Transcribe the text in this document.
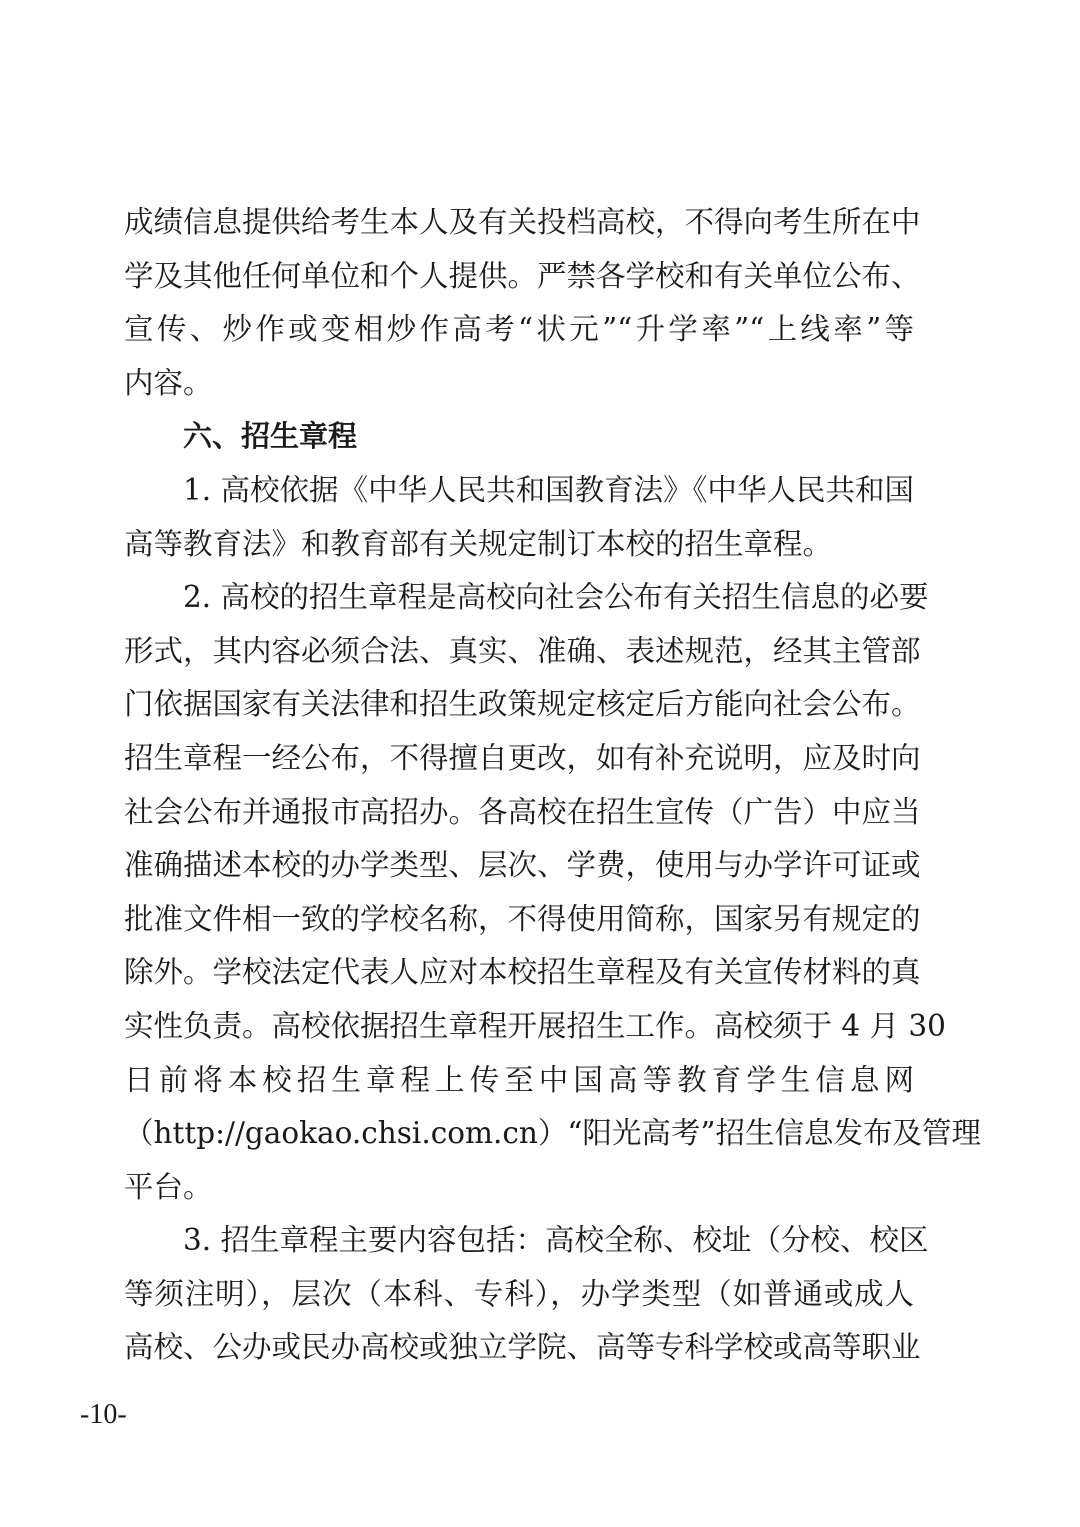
成绩信息提供给考生本人及有关投档高校，不得向考生所在中
学及其他任何单位和个人提供。严禁各学校和有关单位公布、
宣传、炒作或变相炒作高考“状元”“升学率”“上线率”等
内容。
六、招生章程
1. 高校依据《中华人民共和国教育法》《中华人民共和国
高等教育法》和教育部有关规定制订本校的招生章程。
2. 高校的招生章程是高校向社会公布有关招生信息的必要
形式，其内容必须合法、真实、准确、表述规范，经其主管部
门依据国家有关法律和招生政策规定核定后方能向社会公布。
招生章程一经公布，不得擅自更改，如有补充说明，应及时向
社会公布并通报市高招办。各高校在招生宣传（广告）中应当
准确描述本校的办学类型、层次、学费，使用与办学许可证或
批准文件相一致的学校名称，不得使用简称，国家另有规定的
除外。学校法定代表人应对本校招生章程及有关宣传材料的真
实性负责。高校依据招生章程开展招生工作。高校须于 4 月 30
日前将本校招生章程上传至中国高等教育学生信息网
（http://gaokao.chsi.com.cn）“阳光高考”招生信息发布及管理
平台。
3. 招生章程主要内容包括：高校全称、校址（分校、校区
等须注明），层次（本科、专科），办学类型（如普通或成人
高校、公办或民办高校或独立学院、高等专科学校或高等职业
-10-
